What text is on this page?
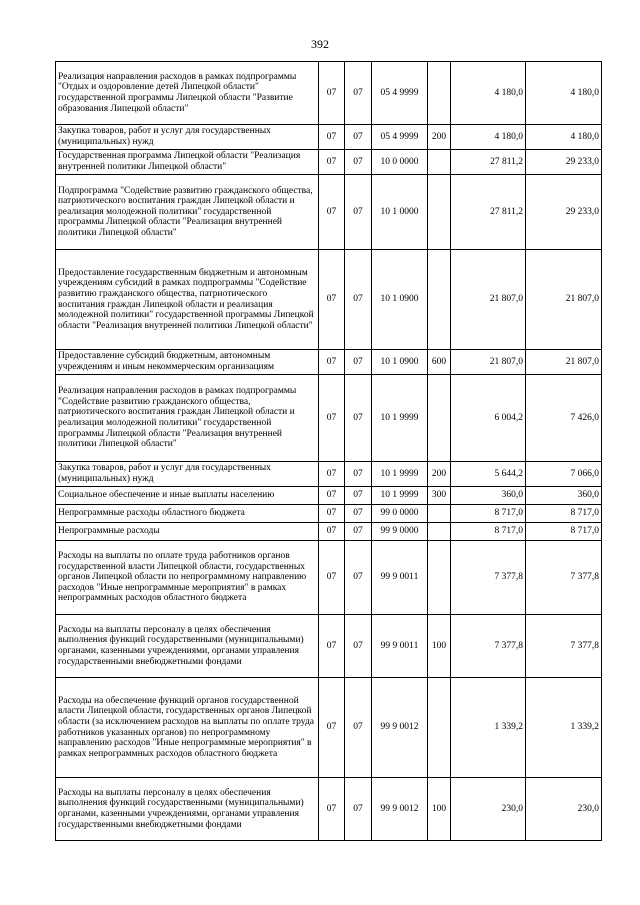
392
Реализация направления расходов в рамках подпрограммы "Отдых и оздоровление детей Липецкой области" государственной программы Липецкой области "Развитие образования Липецкой области"	07	07	05 4 9999		4 180,0	4 180,0
Закупка товаров, работ и услуг для государственных (муниципальных) нужд	07	07	05 4 9999	200	4 180,0	4 180,0
Государственная программа Липецкой области "Реализация внутренней политики Липецкой области"	07	07	10 0 0000		27 811,2	29 233,0
Подпрограмма "Содействие развитию гражданского общества, патриотического воспитания граждан Липецкой области и реализация молодежной политики" государственной программы Липецкой области "Реализация внутренней политики Липецкой области"	07	07	10 1 0000		27 811,2	29 233,0
Предоставление государственным бюджетным и автономным учреждениям субсидий в рамках подпрограммы "Содействие развитию гражданского общества, патриотического воспитания граждан Липецкой области и реализация молодежной политики" государственной программы Липецкой области "Реализация внутренней политики Липецкой области"	07	07	10 1 0900		21 807,0	21 807,0
Предоставление субсидий бюджетным, автономным учреждениям и иным некоммерческим организациям	07	07	10 1 0900	600	21 807,0	21 807,0
Реализация направления расходов в рамках подпрограммы "Содействие развитию гражданского общества, патриотического воспитания граждан Липецкой области и реализация молодежной политики" государственной программы Липецкой области "Реализация внутренней политики Липецкой области"	07	07	10 1 9999		6 004,2	7 426,0
Закупка товаров, работ и услуг для государственных (муниципальных) нужд	07	07	10 1 9999	200	5 644,2	7 066,0
Социальное обеспечение и иные выплаты населению	07	07	10 1 9999	300	360,0	360,0
Непрограммные расходы областного бюджета	07	07	99 0 0000		8 717,0	8 717,0
Непрограммные расходы	07	07	99 9 0000		8 717,0	8 717,0
Расходы на выплаты по оплате труда работников органов государственной власти Липецкой области, государственных органов Липецкой области по непрограммному направлению расходов "Иные непрограммные мероприятия" в рамках непрограммных расходов областного бюджета	07	07	99 9 0011		7 377,8	7 377,8
Расходы на выплаты персоналу в целях обеспечения выполнения функций государственными (муниципальными) органами, казенными учреждениями, органами управления государственными внебюджетными фондами	07	07	99 9 0011	100	7 377,8	7 377,8
Расходы на обеспечение функций органов государственной власти Липецкой области, государственных органов Липецкой области (за исключением расходов на выплаты по оплате труда работников указанных органов) по непрограммному направлению расходов "Иные непрограммные мероприятия" в рамках непрограммных расходов областного бюджета	07	07	99 9 0012		1 339,2	1 339,2
Расходы на выплаты персоналу в целях обеспечения выполнения функций государственными (муниципальными) органами, казенными учреждениями, органами управления государственными внебюджетными фондами	07	07	99 9 0012	100	230,0	230,0
